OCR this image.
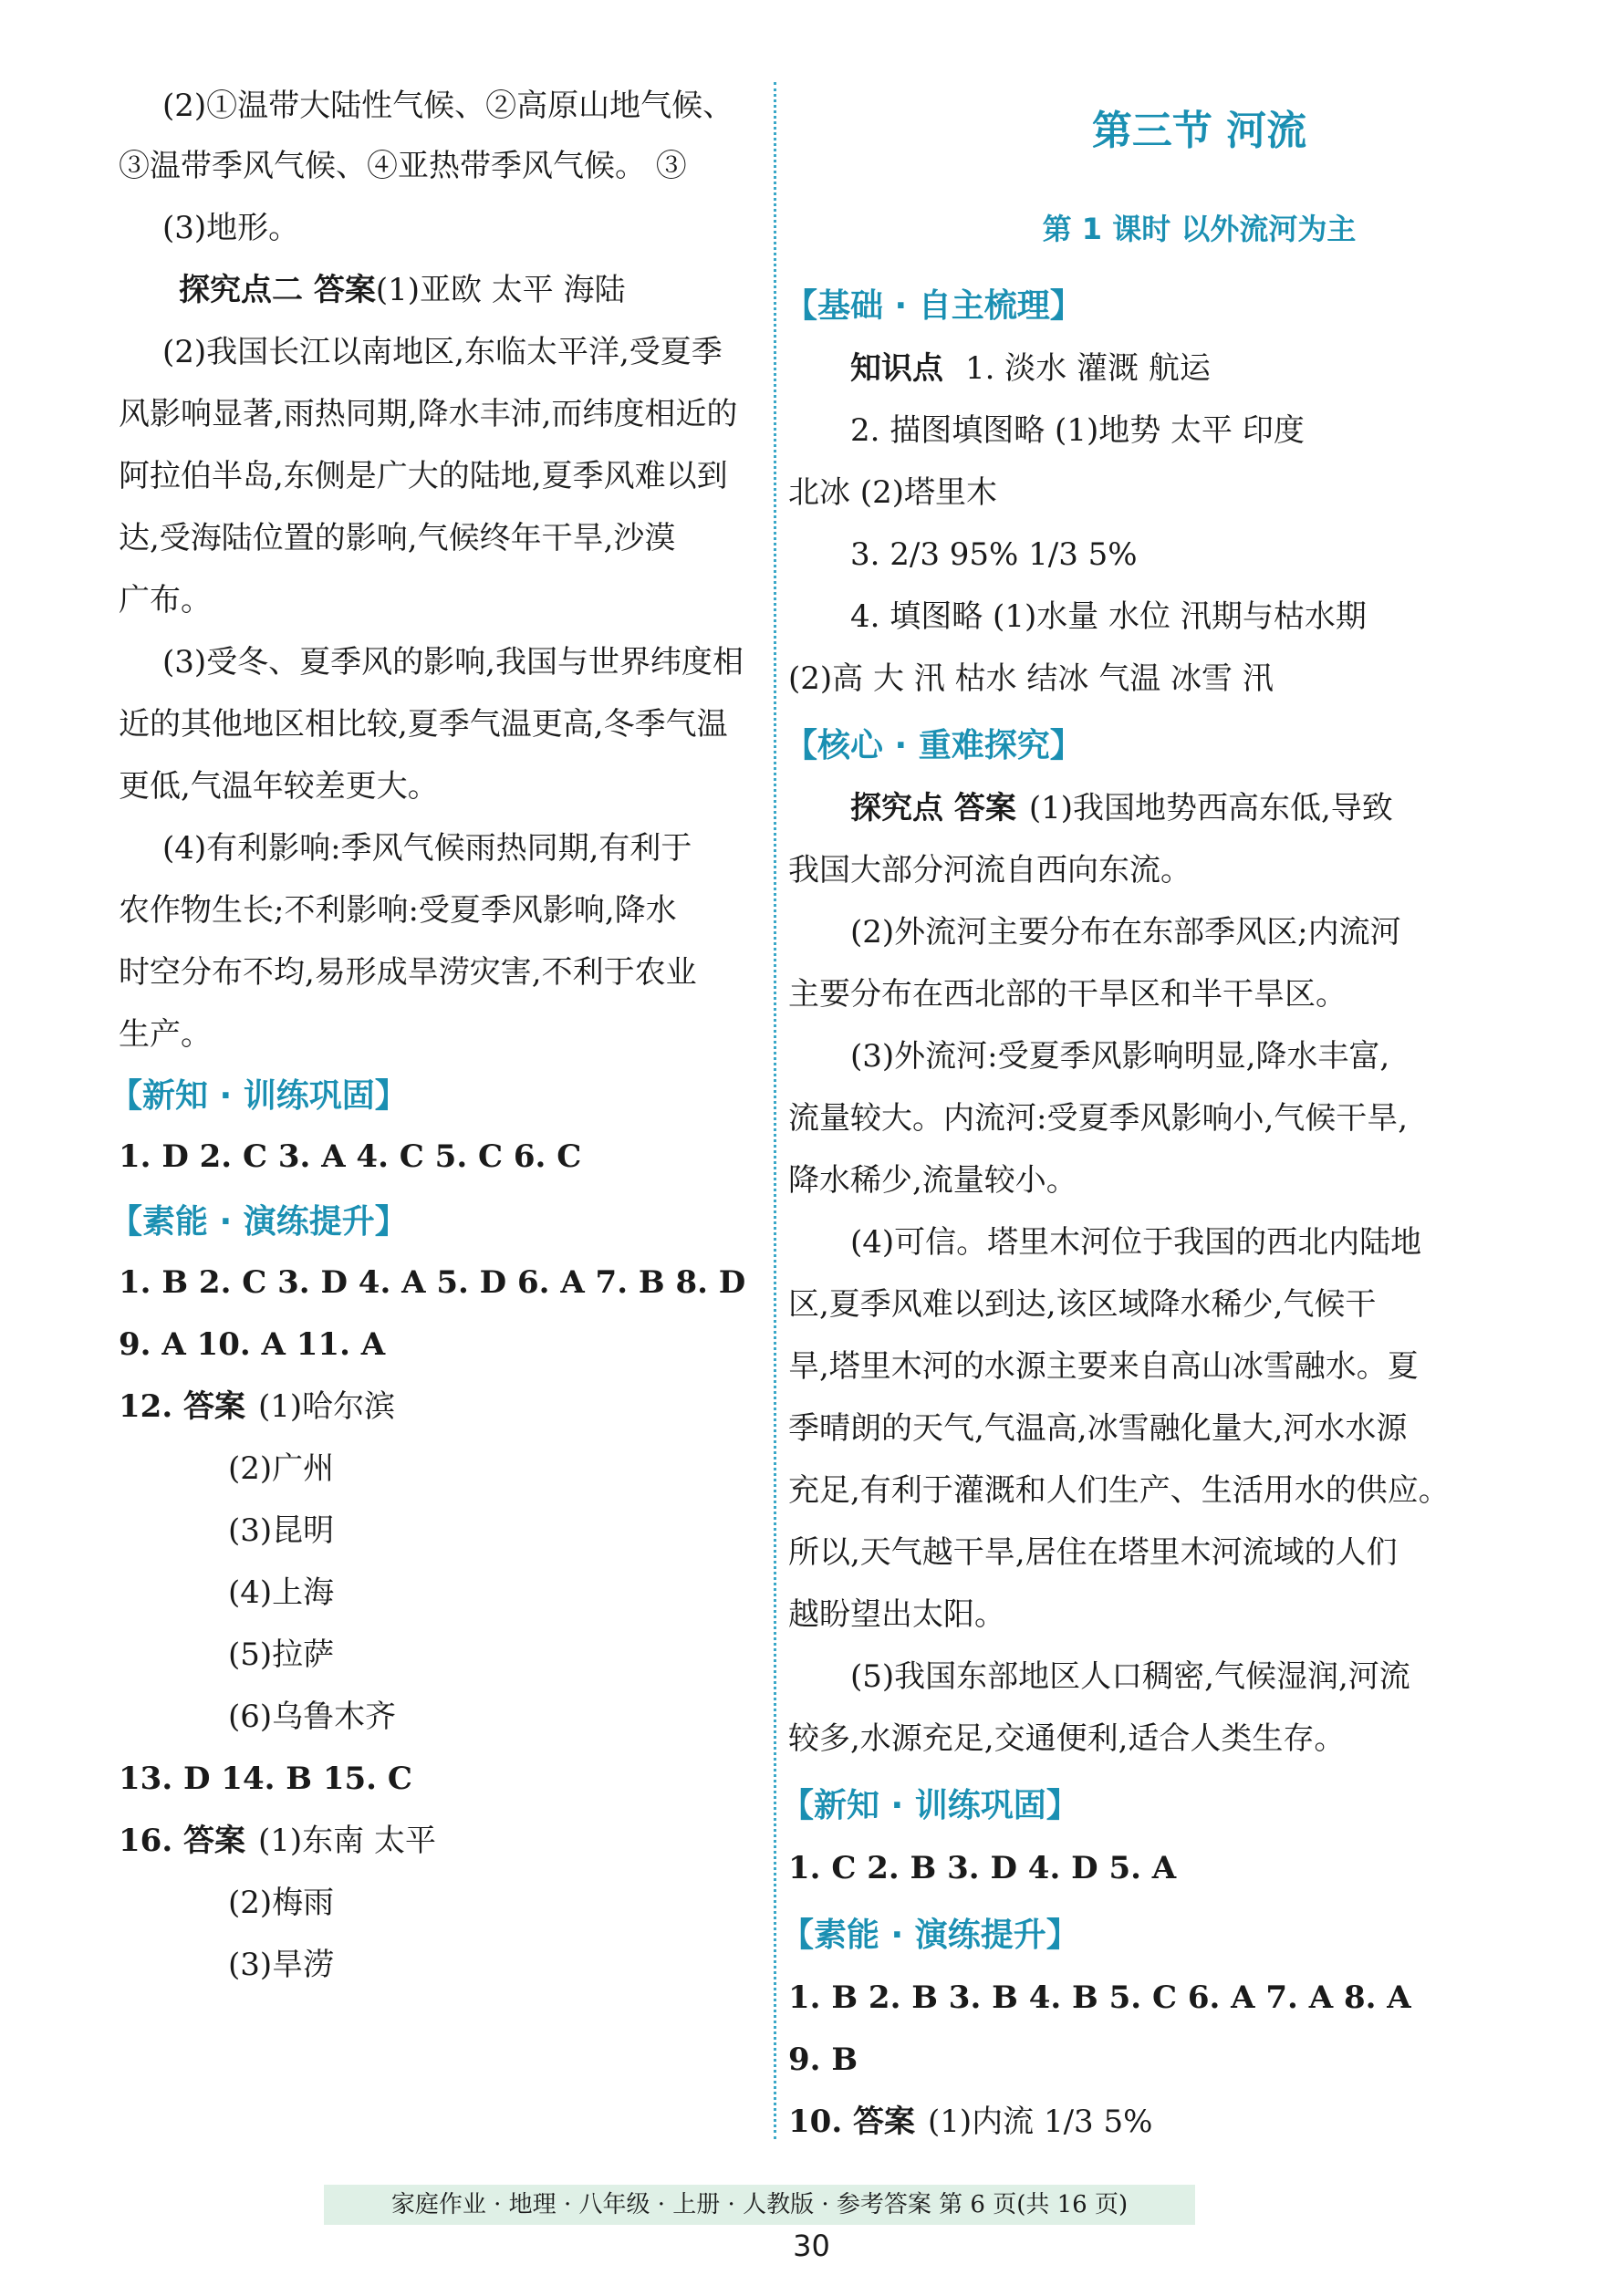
(2)①温带大陆性气候、②高原山地气候、
③温带季风气候、④亚热带季风气候。 ③
(3)地形。
探究点二 答案(1)亚欧 太平 海陆
(2)我国长江以南地区,东临太平洋,受夏季
风影响显著,雨热同期,降水丰沛,而纬度相近的
阿拉伯半岛,东侧是广大的陆地,夏季风难以到
达,受海陆位置的影响,气候终年干旱,沙漠
广布。
(3)受冬、夏季风的影响,我国与世界纬度相
近的其他地区相比较,夏季气温更高,冬季气温
更低,气温年较差更大。
(4)有利影响:季风气候雨热同期,有利于
农作物生长;不利影响:受夏季风影响,降水
时空分布不均,易形成旱涝灾害,不利于农业
生产。
【新知 · 训练巩固】
1. D 2. C 3. A 4. C 5. C 6. C
【素能 · 演练提升】
1. B 2. C 3. D 4. A 5. D 6. A 7. B 8. D
9. A 10. A 11. A
12. 答案 (1)哈尔滨
(2)广州
(3)昆明
(4)上海
(5)拉萨
(6)乌鲁木齐
13. D 14. B 15. C
16. 答案 (1)东南 太平
(2)梅雨
(3)旱涝
第三节 河流
第 1 课时 以外流河为主
【基础 · 自主梳理】
知识点 1. 淡水 灌溉 航运
2. 描图填图略 (1)地势 太平 印度
北冰 (2)塔里木
3. 2/3 95% 1/3 5%
4. 填图略 (1)水量 水位 汛期与枯水期
(2)高 大 汛 枯水 结冰 气温 冰雪 汛
【核心 · 重难探究】
探究点 答案 (1)我国地势西高东低,导致
我国大部分河流自西向东流。
(2)外流河主要分布在东部季风区;内流河
主要分布在西北部的干旱区和半干旱区。
(3)外流河:受夏季风影响明显,降水丰富,
流量较大。内流河:受夏季风影响小,气候干旱,
降水稀少,流量较小。
(4)可信。塔里木河位于我国的西北内陆地
区,夏季风难以到达,该区域降水稀少,气候干
旱,塔里木河的水源主要来自高山冰雪融水。夏
季晴朗的天气,气温高,冰雪融化量大,河水水源
充足,有利于灌溉和人们生产、生活用水的供应。
所以,天气越干旱,居住在塔里木河流域的人们
越盼望出太阳。
(5)我国东部地区人口稠密,气候湿润,河流
较多,水源充足,交通便利,适合人类生存。
【新知 · 训练巩固】
1. C 2. B 3. D 4. D 5. A
【素能 · 演练提升】
1. B 2. B 3. B 4. B 5. C 6. A 7. A 8. A
9. B
10. 答案 (1)内流 1/3 5%
家庭作业 · 地理 · 八年级 · 上册 · 人教版 · 参考答案 第 6 页(共 16 页)
30
